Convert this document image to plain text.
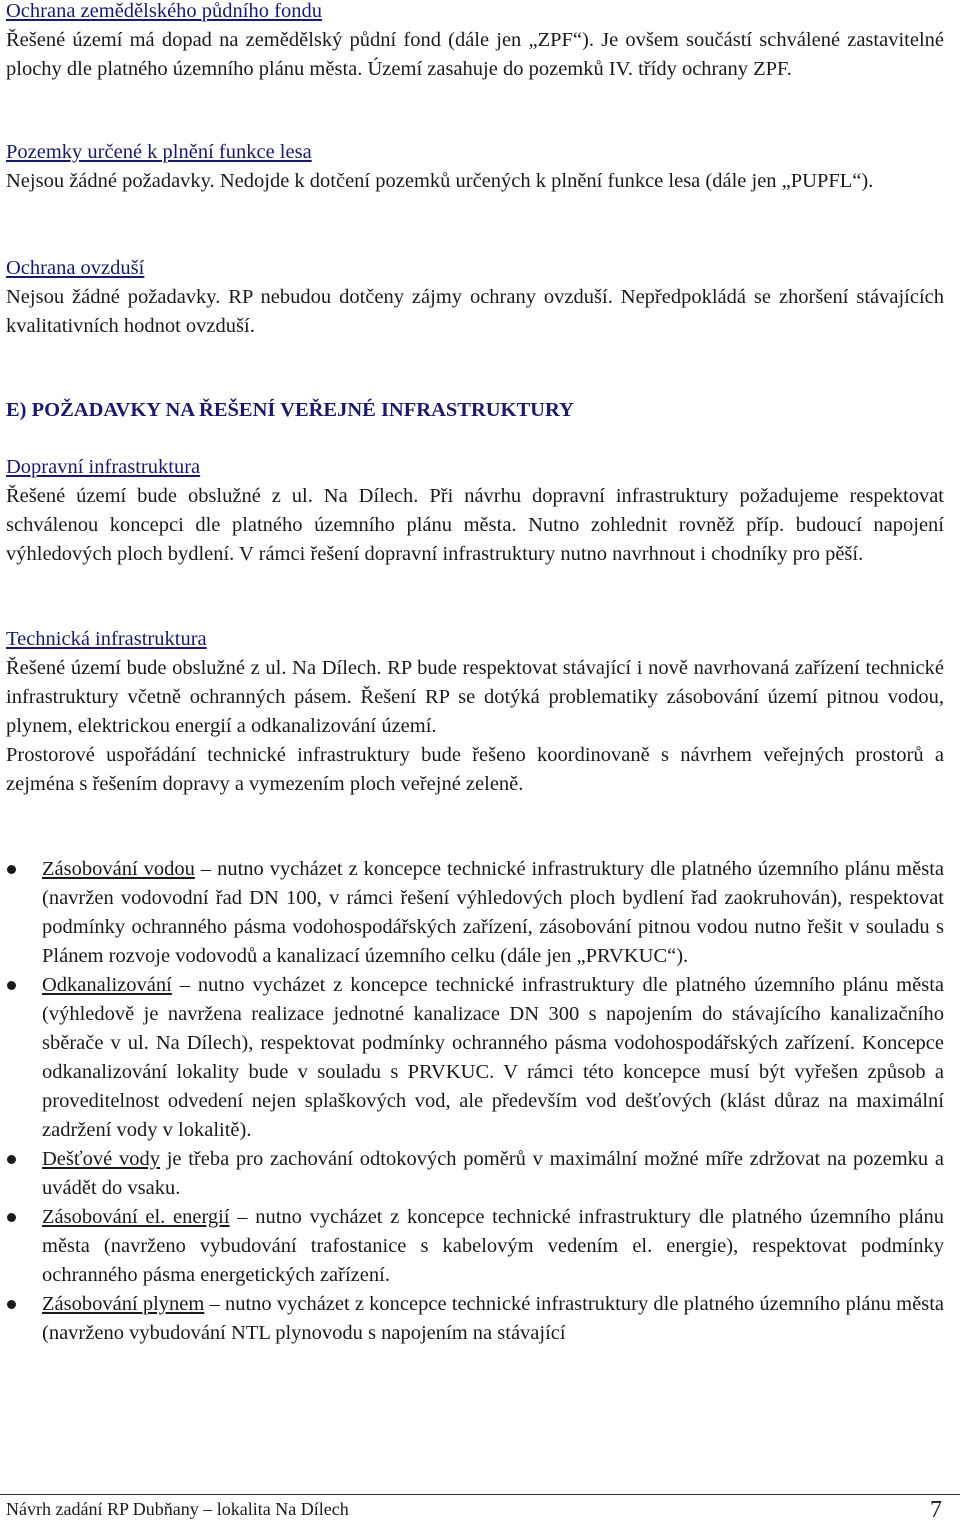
Ochrana zemědělského půdního fondu

Řešené území má dopad na zemědělský půdní fond (dále jen „ZPF“). Je ovšem součástí schválené zastavitelné plochy dle platného územního plánu města. Území zasahuje do pozemků IV. třídy ochrany ZPF.

Pozemky určené k plnění funkce lesa

Nejsou žádné požadavky. Nedojde k dotčení pozemků určených k plnění funkce lesa (dále jen „PUPFL“).

Ochrana ovzduší

Nejsou žádné požadavky. RP nebudou dotčeny zájmy ochrany ovzduší. Nepředpokládá se zhoršení stávajících kvalitativních hodnot ovzduší.

E) POŽADAVKY NA ŘEŠENÍ VEŘEJNÉ INFRASTRUKTURY
Dopravní infrastruktura

Řešené území bude obslužné z ul. Na Dílech. Při návrhu dopravní infrastruktury požadujeme respektovat schválenou koncepci dle platného územního plánu města. Nutno zohlednit rovněž příp. budoucí napojení výhledových ploch bydlení. V rámci řešení dopravní infrastruktury nutno navrhnout i chodníky pro pěší.

Technická infrastruktura

Řešené území bude obslužné z ul. Na Dílech. RP bude respektovat stávající i nově navrhovaná zařízení technické infrastruktury včetně ochranných pásem. Řešení RP se dotýká problematiky zásobování území pitnou vodou, plynem, elektrickou energií a odkanalizování území.

Prostorové uspořádání technické infrastruktury bude řešeno koordinovaně s návrhem veřejných prostorů a zejména s řešením dopravy a vymezením ploch veřejné zeleně.

Zásobování vodou – nutno vycházet z koncepce technické infrastruktury dle platného územního plánu města (navržen vodovodní řad DN 100, v rámci řešení výhledových ploch bydlení řad zaokruhován), respektovat podmínky ochranného pásma vodohospodářských zařízení, zásobování pitnou vodou nutno řešit v souladu s Plánem rozvoje vodovodů a kanalizací územního celku (dále jen „PRVKUC“).
Odkanalizování – nutno vycházet z koncepce technické infrastruktury dle platného územního plánu města (výhledově je navržena realizace jednotné kanalizace DN 300 s napojením do stávajícího kanalizačního sběrače v ul. Na Dílech), respektovat podmínky ochranného pásma vodohospodářských zařízení. Koncepce odkanalizování lokality bude v souladu s PRVKUC. V rámci této koncepce musí být vyřešen způsob a proveditelnost odvedení nejen splaškových vod, ale především vod dešťových (klást důraz na maximální zadržení vody v lokalitě).
Dešťové vody je třeba pro zachování odtokových poměrů v maximální možné míře zdržovat na pozemku a uvádět do vsaku.
Zásobování el. energií – nutno vycházet z koncepce technické infrastruktury dle platného územního plánu města (navrženo vybudování trafostanice s kabelovým vedením el. energie), respektovat podmínky ochranného pásma energetických zařízení.
Zásobování plynem – nutno vycházet z koncepce technické infrastruktury dle platného územního plánu města (navrženo vybudování NTL plynovodu s napojením na stávající
Návrh zadání RP Dubňany – lokalita Na Dílech	7
